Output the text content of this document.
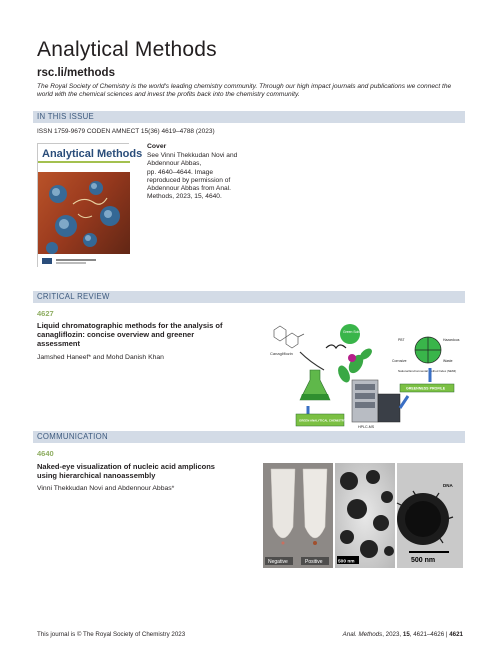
Analytical Methods
rsc.li/methods
The Royal Society of Chemistry is the world's leading chemistry community. Through our high impact journals and publications we connect the world with the chemical sciences and invest the profits back into the chemistry community.
IN THIS ISSUE
ISSN 1759-9679 CODEN AMNECT 15(36) 4619–4788 (2023)
Analytical Methods
Cover
See Vinni Thekkudan Novi and
Abdennour Abbas,
pp. 4640–4644. Image
reproduced by permission of
Abdennour Abbas from Anal.
Methods, 2023, 15, 4640.
CRITICAL REVIEW
4627
Liquid chromatographic methods for the analysis of
canagliflozin: concise overview and greener
assessment
Jamshed Haneef* and Mohd Danish Khan
Canagliflozin
Green Solvents
PBT	Hazardous
Corrosive	Waste
National Environmental Method Index (NEMI)
GREENNESS PROFILE
HPLC-MS
GREEN ANALYTICAL CHEMISTRY
COMMUNICATION
4640
Naked-eye visualization of nucleic acid amplicons
using hierarchical nanoassembly
Vinni Thekkudan Novi and Abdennour Abbas*
Negative	Positive	500 nm
DNA
500 nm
This journal is © The Royal Society of Chemistry 2023	Anal. Methods, 2023, 15, 4621–4626 | 4621
